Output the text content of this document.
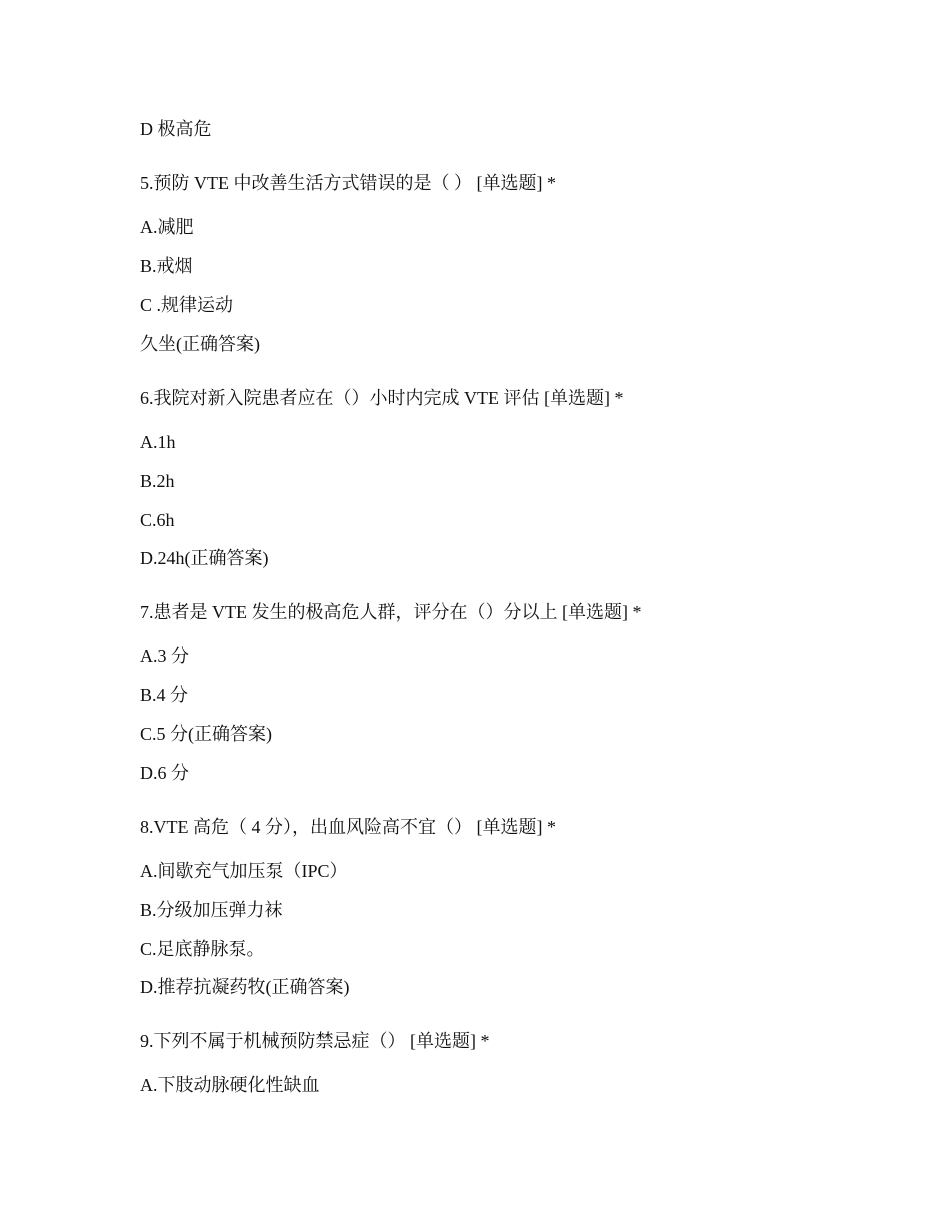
D 极高危
5.预防 VTE 中改善生活方式错误的是（ ） [单选题] *
A.减肥
B.戒烟
C .规律运动
久坐(正确答案)
6.我院对新入院患者应在（）小时内完成 VTE 评估 [单选题] *
A.1h
B.2h
C.6h
D.24h(正确答案)
7.患者是 VTE 发生的极高危人群，评分在（）分以上 [单选题] *
A.3 分
B.4 分
C.5 分(正确答案)
D.6 分
8.VTE 高危（ 4 分），出血风险高不宜（） [单选题] *
A.间歇充气加压泵（IPC）
B.分级加压弹力袜
C.足底静脉泵。
D.推荐抗凝药牧(正确答案)
9.下列不属于机械预防禁忌症（） [单选题] *
A.下肢动脉硬化性缺血
